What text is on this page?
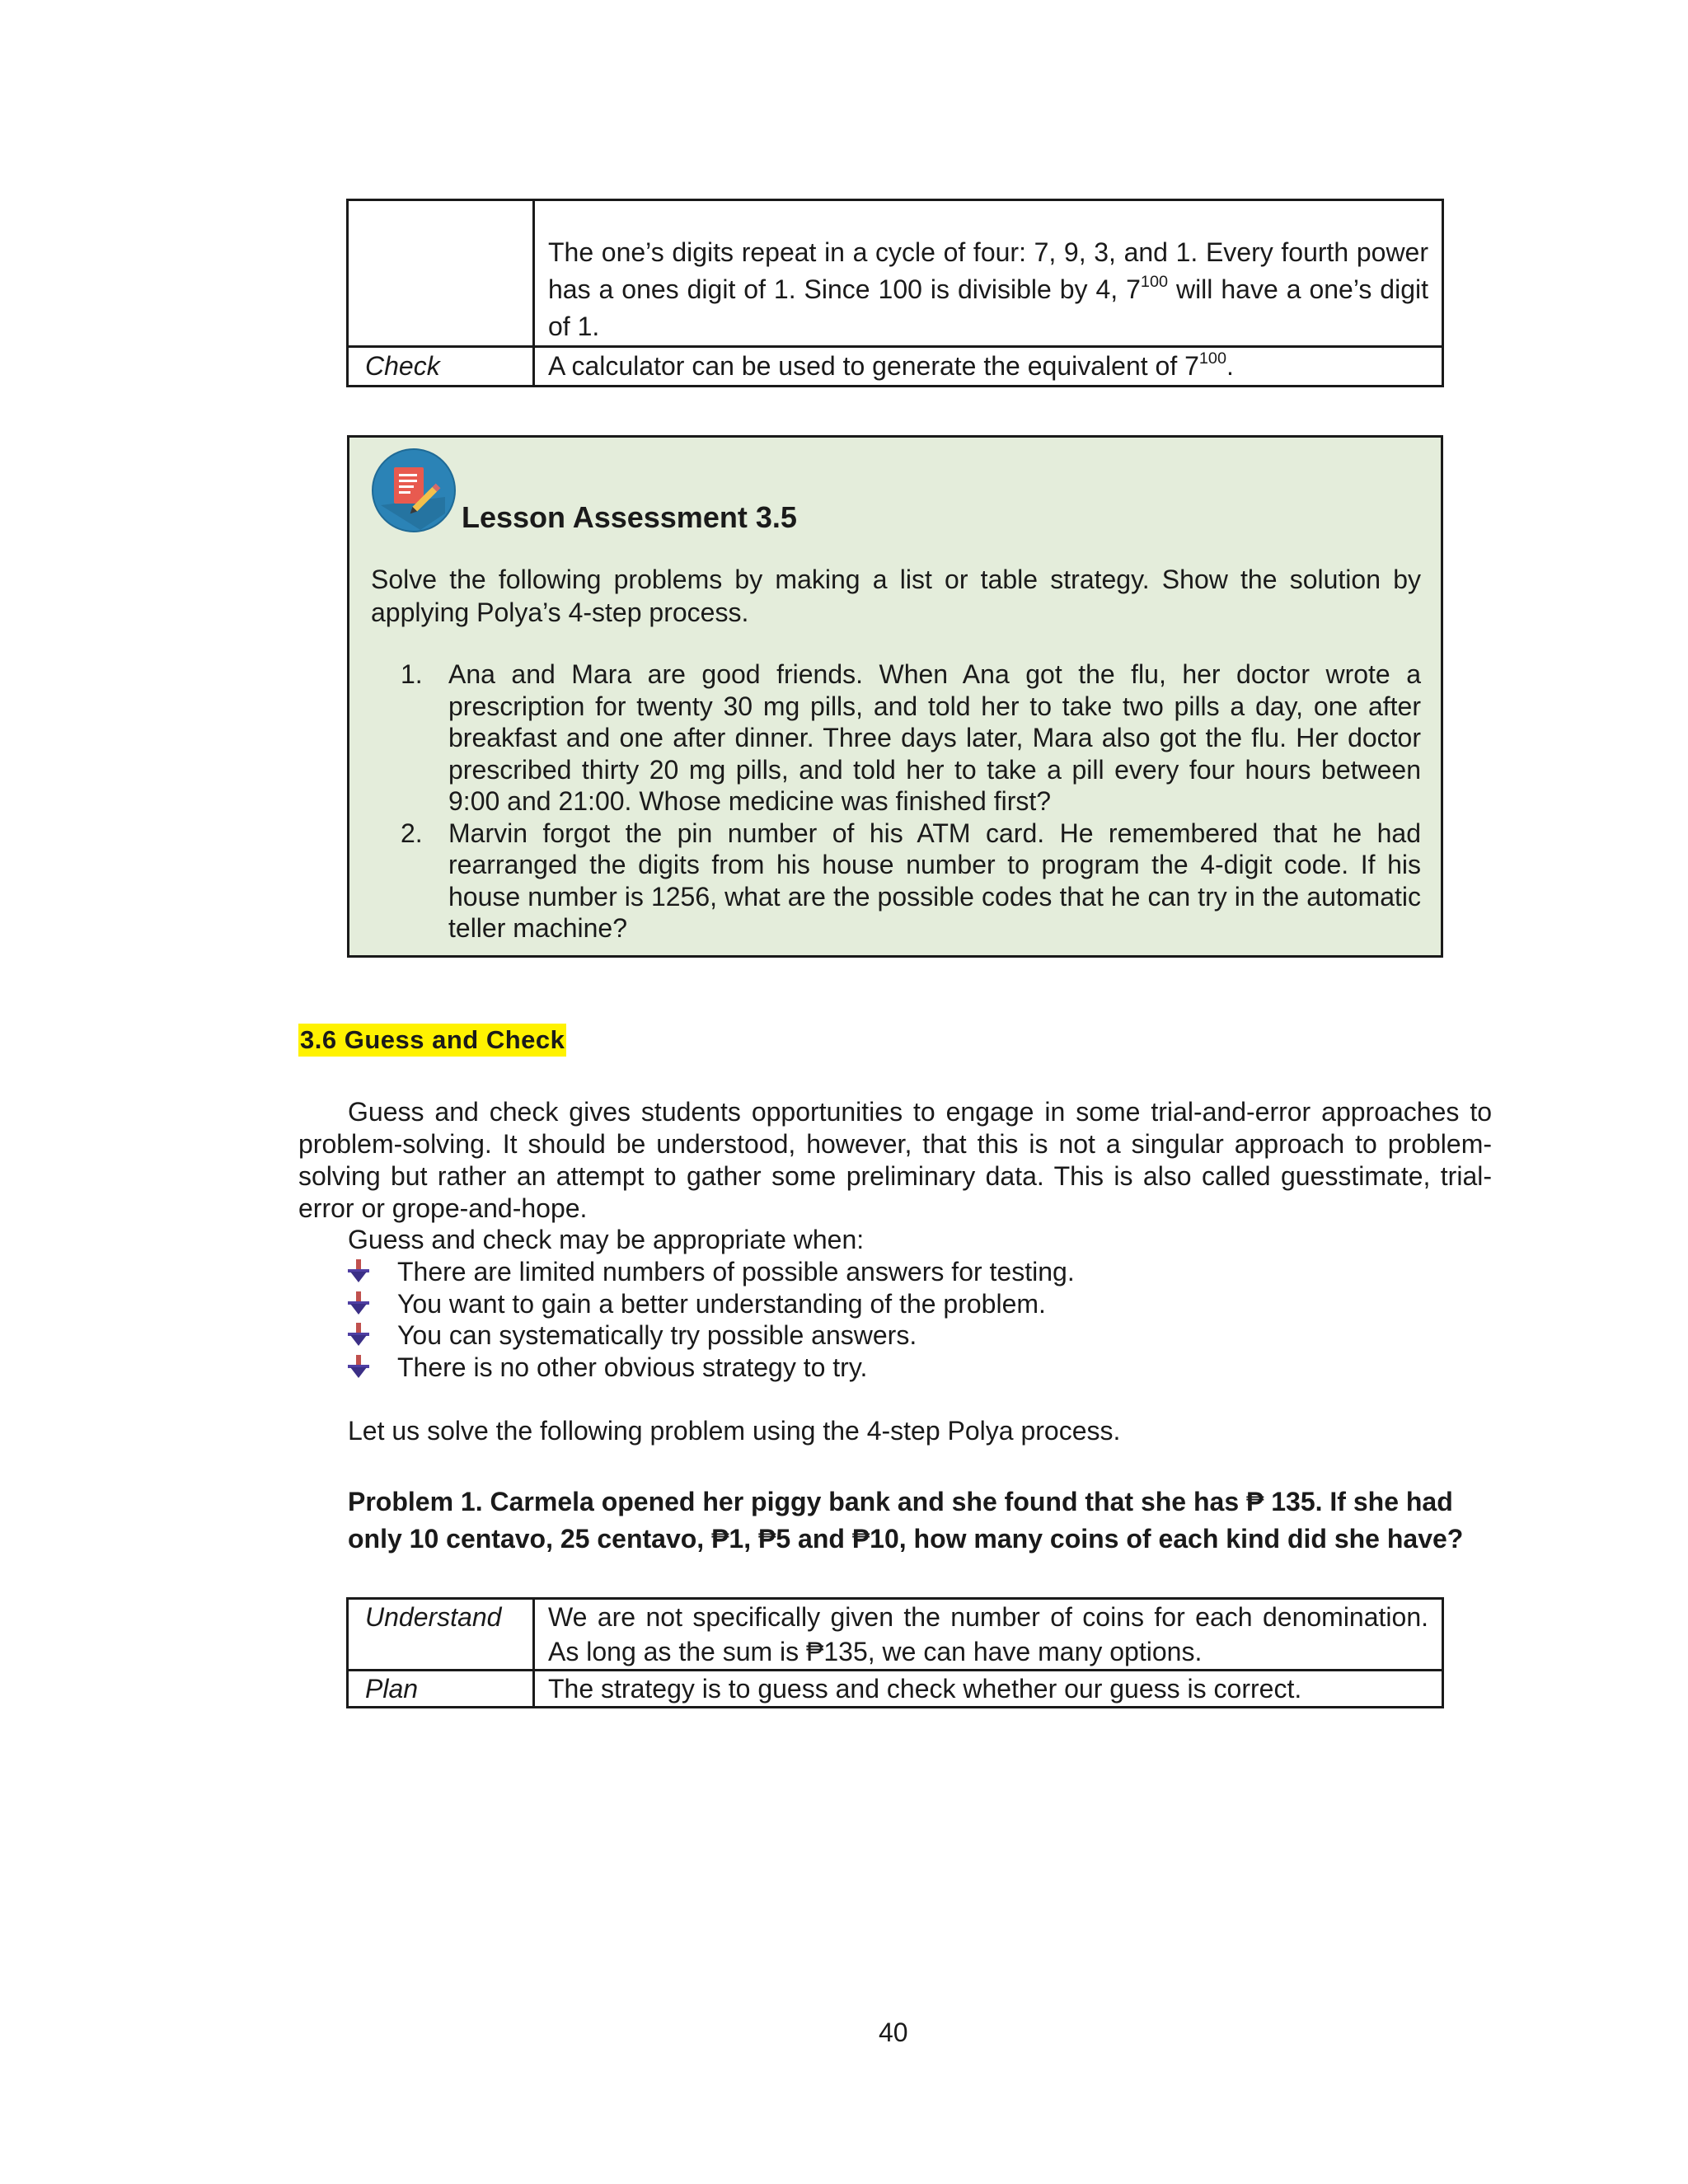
	The one’s digits repeat in a cycle of four: 7, 9, 3, and 1. Every fourth power has a ones digit of 1. Since 100 is divisible by 4, $7^{100}$ will have a one’s digit of 1.
Check	A calculator can be used to generate the equivalent of $7^{100}$.
Lesson Assessment 3.5
Solve the following problems by making a list or table strategy. Show the solution by applying Polya’s 4-step process.
1. Ana and Mara are good friends. When Ana got the flu, her doctor wrote a prescription for twenty 30 mg pills, and told her to take two pills a day, one after breakfast and one after dinner. Three days later, Mara also got the flu. Her doctor prescribed thirty 20 mg pills, and told her to take a pill every four hours between 9:00 and 21:00. Whose medicine was finished first?
2. Marvin forgot the pin number of his ATM card. He remembered that he had rearranged the digits from his house number to program the 4-digit code. If his house number is 1256, what are the possible codes that he can try in the automatic teller machine?
3.6 Guess and Check
Guess and check gives students opportunities to engage in some trial-and-error approaches to problem-solving. It should be understood, however, that this is not a singular approach to problem-solving but rather an attempt to gather some preliminary data. This is also called guesstimate, trial-error or grope-and-hope.
Guess and check may be appropriate when:
There are limited numbers of possible answers for testing.
You want to gain a better understanding of the problem.
You can systematically try possible answers.
There is no other obvious strategy to try.
Let us solve the following problem using the 4-step Polya process.
Problem 1. Carmela opened her piggy bank and she found that she has ₱ 135. If she had only 10 centavo, 25 centavo, ₱1, ₱5 and ₱10, how many coins of each kind did she have?
Understand	We are not specifically given the number of coins for each denomination. As long as the sum is ₱135, we can have many options.
Plan	The strategy is to guess and check whether our guess is correct.
40
